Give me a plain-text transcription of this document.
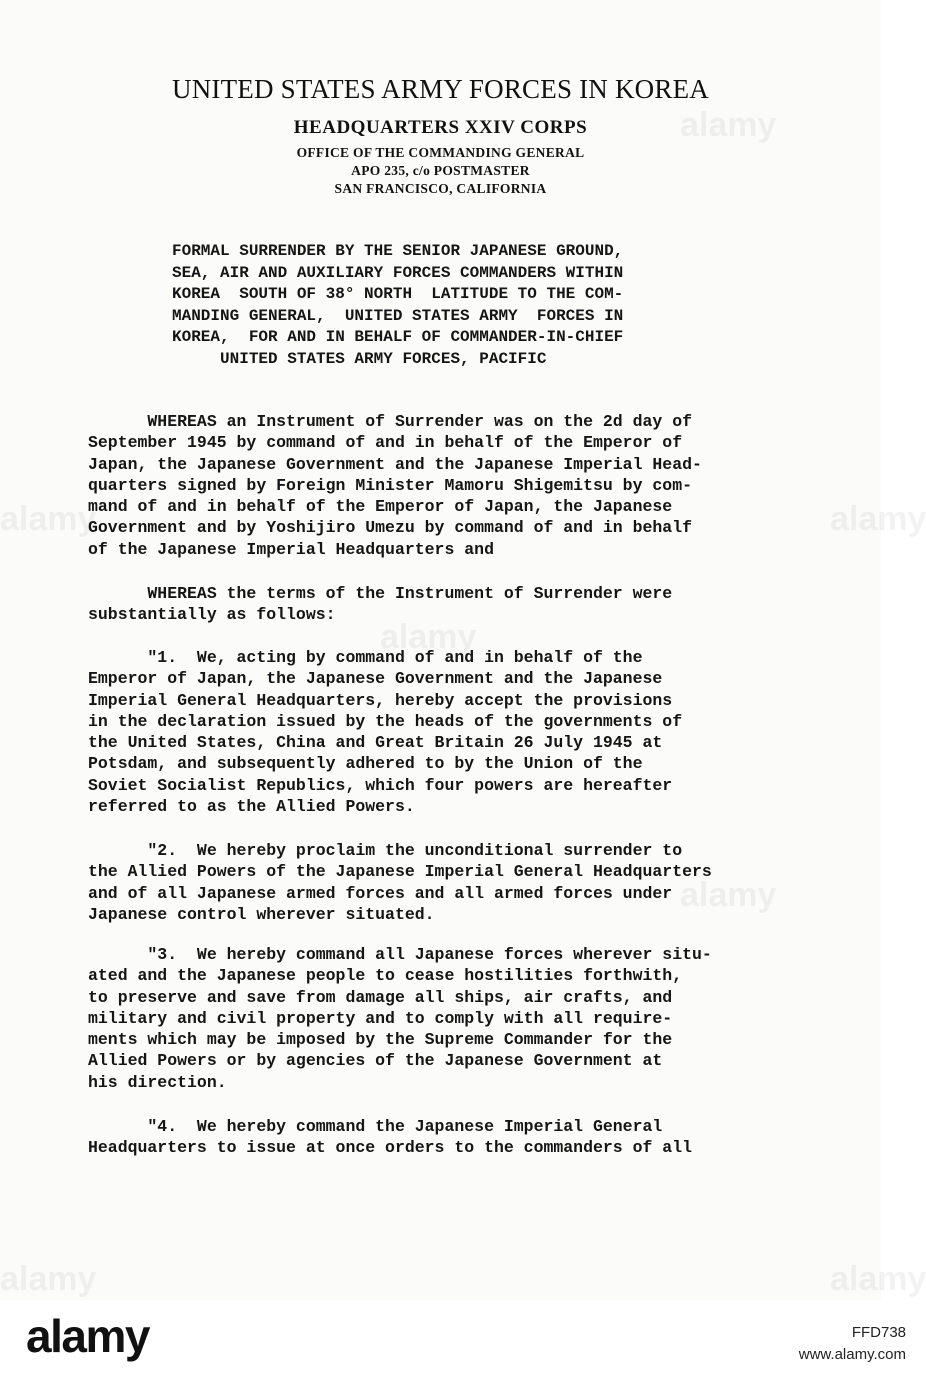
alamy
alamy	alamy
alamy
alamy
alamy	alamy
UNITED STATES ARMY FORCES IN KOREA
HEADQUARTERS XXIV CORPS
OFFICE OF THE COMMANDING GENERAL
APO 235, c/o POSTMASTER
SAN FRANCISCO, CALIFORNIA
FORMAL SURRENDER BY THE SENIOR JAPANESE GROUND,
SEA, AIR AND AUXILIARY FORCES COMMANDERS WITHIN
KOREA  SOUTH OF 38° NORTH  LATITUDE TO THE COM-
MANDING GENERAL,  UNITED STATES ARMY  FORCES IN
KOREA,  FOR AND IN BEHALF OF COMMANDER-IN-CHIEF
UNITED STATES ARMY FORCES, PACIFIC
WHEREAS an Instrument of Surrender was on the 2d day of
September 1945 by command of and in behalf of the Emperor of
Japan, the Japanese Government and the Japanese Imperial Head-
quarters signed by Foreign Minister Mamoru Shigemitsu by com-
mand of and in behalf of the Emperor of Japan, the Japanese
Government and by Yoshijiro Umezu by command of and in behalf
of the Japanese Imperial Headquarters and
WHEREAS the terms of the Instrument of Surrender were
substantially as follows:
"1.  We, acting by command of and in behalf of the
Emperor of Japan, the Japanese Government and the Japanese
Imperial General Headquarters, hereby accept the provisions
in the declaration issued by the heads of the governments of
the United States, China and Great Britain 26 July 1945 at
Potsdam, and subsequently adhered to by the Union of the
Soviet Socialist Republics, which four powers are hereafter
referred to as the Allied Powers.
"2.  We hereby proclaim the unconditional surrender to
the Allied Powers of the Japanese Imperial General Headquarters
and of all Japanese armed forces and all armed forces under
Japanese control wherever situated.
"3.  We hereby command all Japanese forces wherever situ-
ated and the Japanese people to cease hostilities forthwith,
to preserve and save from damage all ships, air crafts, and
military and civil property and to comply with all require-
ments which may be imposed by the Supreme Commander for the
Allied Powers or by agencies of the Japanese Government at
his direction.
"4.  We hereby command the Japanese Imperial General
Headquarters to issue at once orders to the commanders of all
alamy	FFD738
www.alamy.com
